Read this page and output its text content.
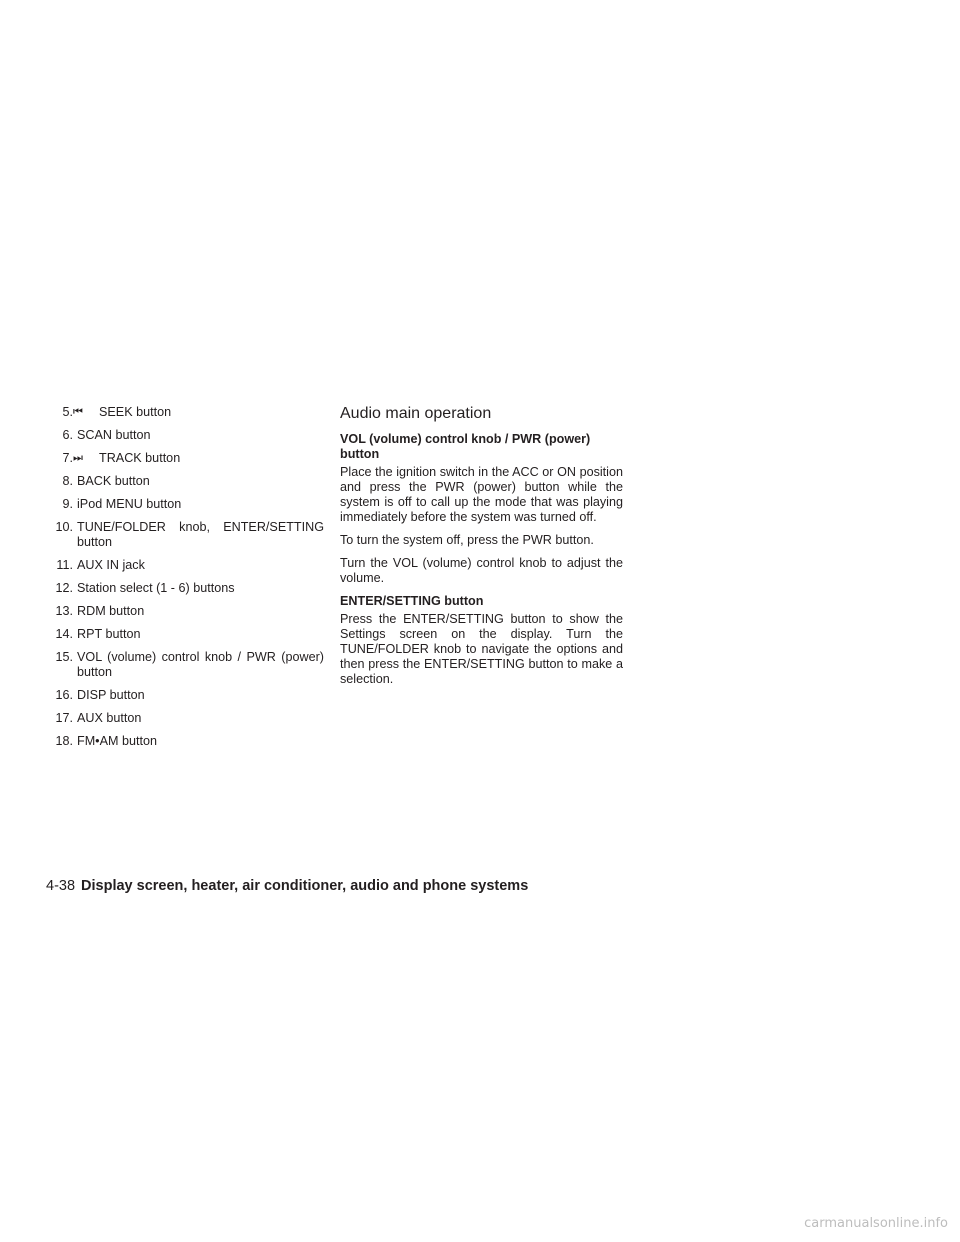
5. ⏮ SEEK button
6. SCAN button
7. ⏭ TRACK button
8. BACK button
9. iPod MENU button
10. TUNE/FOLDER knob, ENTER/SETTING button
11. AUX IN jack
12. Station select (1 - 6) buttons
13. RDM button
14. RPT button
15. VOL (volume) control knob / PWR (power) button
16. DISP button
17. AUX button
18. FM•AM button
Audio main operation
VOL (volume) control knob / PWR (power) button

Place the ignition switch in the ACC or ON position and press the PWR (power) button while the system is off to call up the mode that was playing immediately before the system was turned off.

To turn the system off, press the PWR button.

Turn the VOL (volume) control knob to adjust the volume.

ENTER/SETTING button

Press the ENTER/SETTING button to show the Settings screen on the display. Turn the TUNE/FOLDER knob to navigate the options and then press the ENTER/SETTING button to make a selection.

4-38 Display screen, heater, air conditioner, audio and phone systems
carmanualsonline.info
